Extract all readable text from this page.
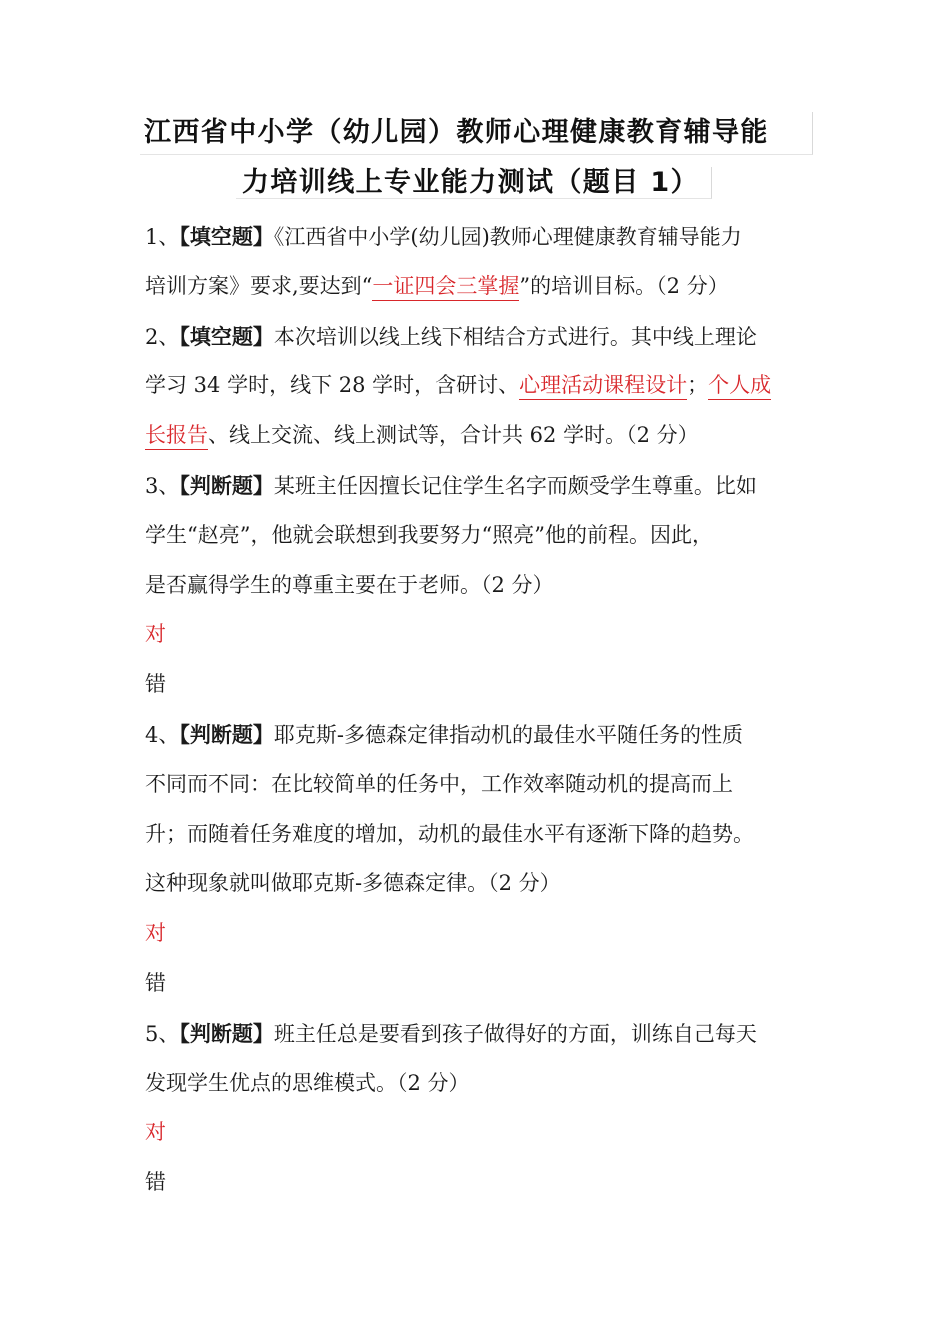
江西省中小学（幼儿园）教师心理健康教育辅导能
力培训线上专业能力测试（题目 1）
1、【填空题】《江西省中小学(幼儿园)教师心理健康教育辅导能力
培训方案》要求,要达到“一证四会三掌握”的培训目标。（2 分）
2、【填空题】本次培训以线上线下相结合方式进行。其中线上理论
学习 34 学时，线下 28 学时，含研讨、心理活动课程设计；个人成
长报告、线上交流、线上测试等，合计共 62 学时。（2 分）
3、【判断题】某班主任因擅长记住学生名字而颇受学生尊重。比如
学生“赵亮”，他就会联想到我要努力“照亮”他的前程。因此，
是否赢得学生的尊重主要在于老师。（2 分）
对
错
4、【判断题】耶克斯-多德森定律指动机的最佳水平随任务的性质
不同而不同：在比较简单的任务中，工作效率随动机的提高而上
升；而随着任务难度的增加，动机的最佳水平有逐渐下降的趋势。
这种现象就叫做耶克斯-多德森定律。（2 分）
对
错
5、【判断题】班主任总是要看到孩子做得好的方面，训练自己每天
发现学生优点的思维模式。（2 分）
对
错
